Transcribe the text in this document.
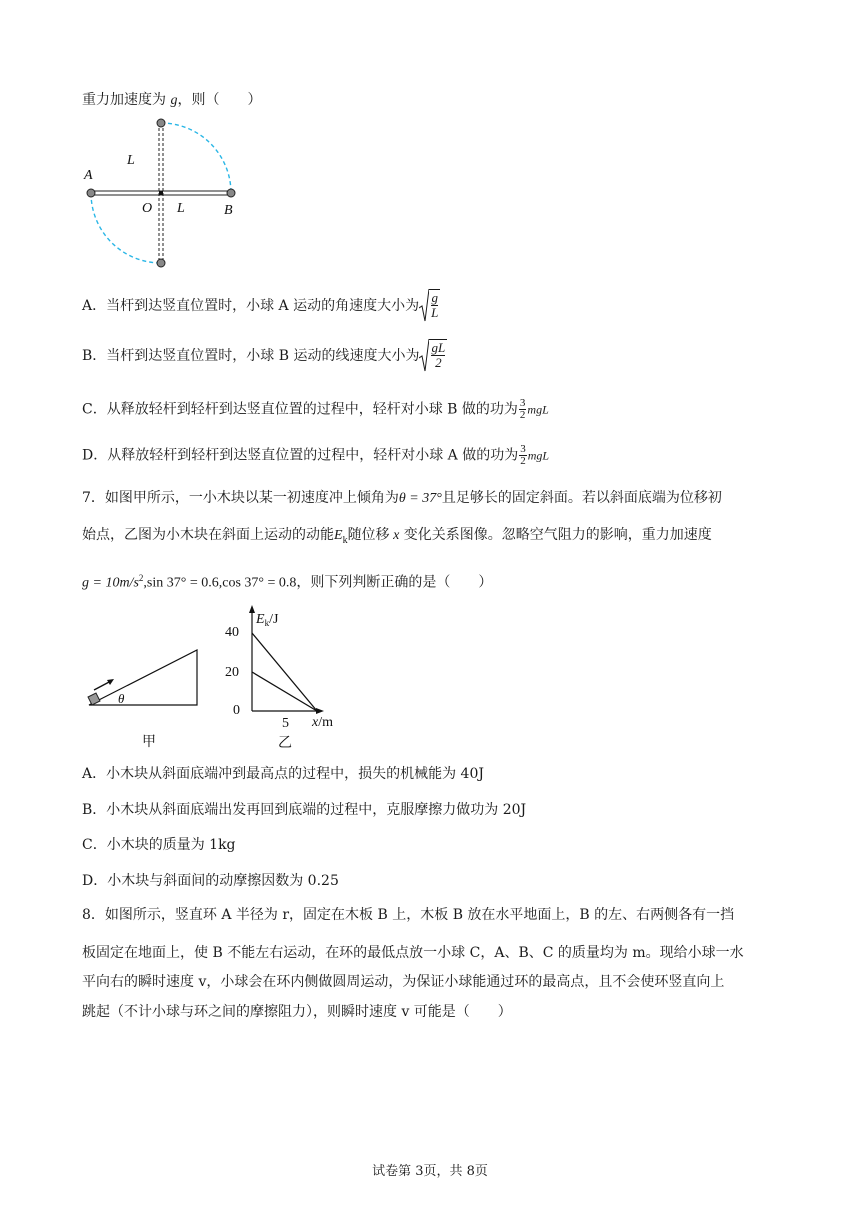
重力加速度为 g，则（　　）
A
B
O
L
L
A．当杆到达竖直位置时，小球 A 运动的角速度大小为 $\frac{g}{L}$
B．当杆到达竖直位置时，小球 B 运动的线速度大小为 $\frac{gL}{2}$
C．从释放轻杆到轻杆到达竖直位置的过程中，轻杆对小球 B 做的功为 $\frac{3}{2}$ mgL
D．从释放轻杆到轻杆到达竖直位置的过程中，轻杆对小球 A 做的功为 $\frac{3}{2}$ mgL
7．如图甲所示，一小木块以某一初速度冲上倾角为θ = 37°且足够长的固定斜面。若以斜面底端为位移初
始点，乙图为小木块在斜面上运动的动能$E_k$随位移 x 变化关系图像。忽略空气阻力的影响，重力加速度
$g = 10m/s^2,\sin$ 37° = 0.6,cos 37° = 0.8，则下列判断正确的是（　　）
θ
甲
$E_k/J$
x/m
40
20
0
5
乙
A．小木块从斜面底端冲到最高点的过程中，损失的机械能为 40J
B．小木块从斜面底端出发再回到底端的过程中，克服摩擦力做功为 20J
C．小木块的质量为 1kg
D．小木块与斜面间的动摩擦因数为 0.25
8．如图所示，竖直环 A 半径为 r，固定在木板 B 上，木板 B 放在水平地面上，B 的左、右两侧各有一挡
板固定在地面上，使 B 不能左右运动，在环的最低点放一小球 C，A、B、C 的质量均为 m。现给小球一水
平向右的瞬时速度 v，小球会在环内侧做圆周运动，为保证小球能通过环的最高点，且不会使环竖直向上
跳起（不计小球与环之间的摩擦阻力），则瞬时速度 v 可能是（　　）
试卷第 3页，共 8页
